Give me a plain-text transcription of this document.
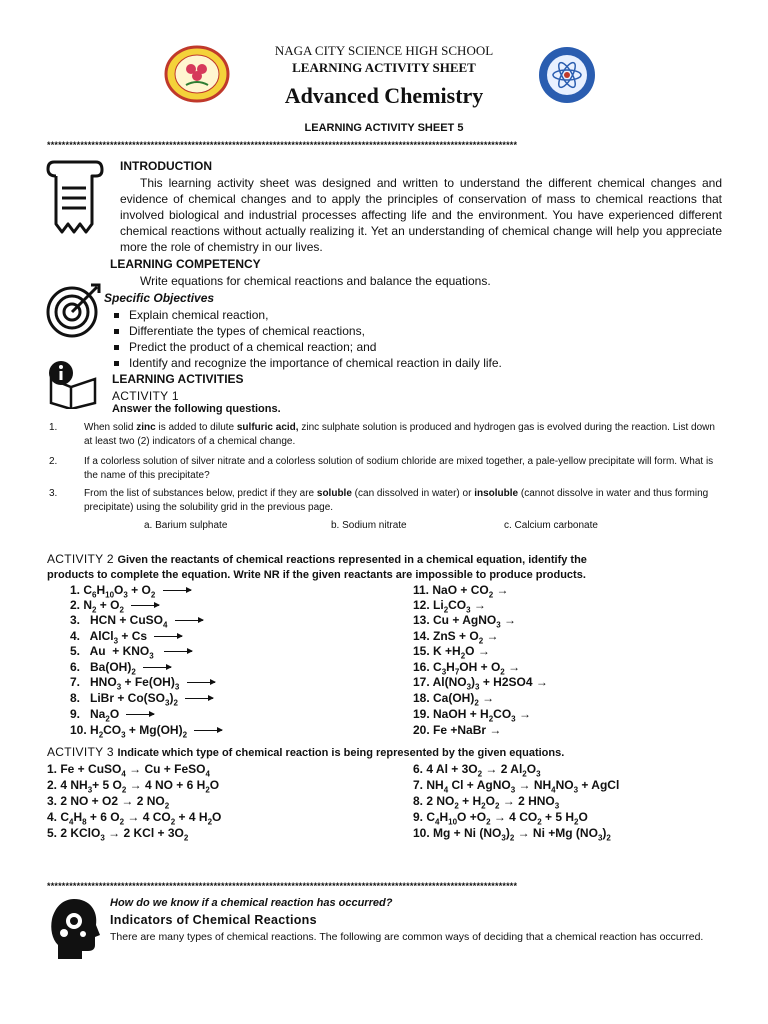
NAGA CITY SCIENCE HIGH SCHOOL
LEARNING ACTIVITY SHEET
Advanced Chemistry
LEARNING ACTIVITY SHEET 5
*******************************************************************************************************************************
INTRODUCTION
This learning activity sheet was designed and written to understand the different chemical changes and evidence of chemical changes and to apply the principles of conservation of mass to chemical reactions that involved biological and industrial processes affecting life and the environment. You have experienced different chemical reactions without actually realizing it. Yet an understanding of chemical change will help you appreciate more the role of chemistry in our lives.
LEARNING COMPETENCY
Write equations for chemical reactions and balance the equations.
Specific Objectives
Explain chemical reaction,
Differentiate the types of chemical reactions,
Predict the product of a chemical reaction; and
Identify and recognize the importance of chemical reaction in daily life.
LEARNING ACTIVITIES
ACTIVITY 1
Answer the following questions.
1.	When solid zinc is added to dilute sulfuric acid, zinc sulphate solution is produced and hydrogen gas is evolved during the reaction. List down at least two (2) indicators of a chemical change.
2.	If a colorless solution of silver nitrate and a colorless solution of sodium chloride are mixed together, a pale-yellow precipitate will form. What is the name of this precipitate?
3.	From the list of substances below, predict if they are soluble (can dissolved in water) or insoluble (cannot dissolve in water and thus forming precipitate) using the solubility grid in the previous page.
a. Barium sulphate	b. Sodium nitrate	c. Calcium carbonate
ACTIVITY 2 Given the reactants of chemical reactions represented in a chemical equation, identify the
products to complete the equation. Write NR if the given reactants are impossible to produce products.
1. $C_6H_{10}O_3 + O_2$
2. $N_2 + O_2$
3.   HCN + CuSO$_4$
4.   AlCl$_3$ + Cs
5.   $Au + KNO_3$
6.   $Ba(OH)_2$
7.   $HNO_3 + Fe(OH)_3$
8.   LiBr + $Co(SO_3)_2$
9.   $Na_2O$
10. $H_2CO_3 + Mg(OH)_2$
11. NaO + $CO_2$ →
12. $Li_2CO_3$ →
13. Cu + AgNO$_3$ →
14. ZnS + $O_2$ →
15. $K +H_2O$ →
16. $C_3H_7OH + O_2$ →
17. $Al(NO_3)_3 + H2SO4$ →
18. $Ca(OH)_2$ →
19. NaOH + $H_2CO_3$ →
20. Fe +NaBr →
ACTIVITY 3 Indicate which type of chemical reaction is being represented by the given equations.
1. Fe + CuSO$_4$ → Cu + FeSO$_4$
2. 4 $NH_3+ 5$ $O_2 \to 4$ NO + 6 $H_2O$
3. 2 NO + O2 → 2 $NO_2$
4. $C_4H_8 + 6$ $O_2 \to 4$ $CO_2 + 4$ $H_2O$
5. 2 KClO$_3$ → 2 KCl + $3O_2$
6. 4 $Al + 3O_2 \to 2$ $Al_2O_3$
7. $NH_4$ Cl + AgNO$_3$ → $NH_4NO_3$ + AgCl
8. 2 $NO_2 + H_2O_2 \to 2$ $HNO_3$
9. $C_4H_{10}O +O_2 \to 4$ $CO_2 + 5$ $H_2O$
10. Mg + Ni $(NO_3)_2 \to Ni +Mg$ $(NO_3)_2$
*******************************************************************************************************************************
How do we know if a chemical reaction has occurred?
Indicators of Chemical Reactions
There are many types of chemical reactions. The following are common ways of deciding that a chemical reaction has occurred.
